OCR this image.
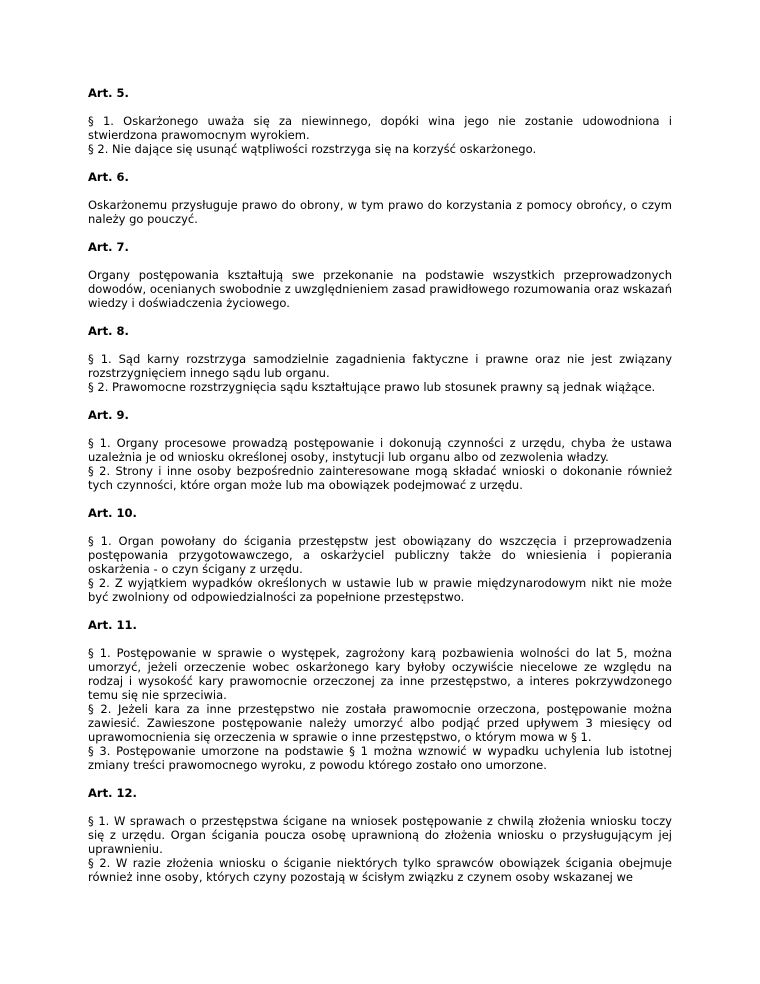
Art. 5.

§ 1. Oskarżonego uważa się za niewinnego, dopóki wina jego nie zostanie udowodniona i stwierdzona prawomocnym wyrokiem.

§ 2. Nie dające się usunąć wątpliwości rozstrzyga się na korzyść oskarżonego.

Art. 6.

Oskarżonemu przysługuje prawo do obrony, w tym prawo do korzystania z pomocy obrońcy, o czym należy go pouczyć.

Art. 7.

Organy postępowania kształtują swe przekonanie na podstawie wszystkich przeprowadzonych dowodów, ocenianych swobodnie z uwzględnieniem zasad prawidłowego rozumowania oraz wskazań wiedzy i doświadczenia życiowego.

Art. 8.

§ 1. Sąd karny rozstrzyga samodzielnie zagadnienia faktyczne i prawne oraz nie jest związany rozstrzygnięciem innego sądu lub organu.

§ 2. Prawomocne rozstrzygnięcia sądu kształtujące prawo lub stosunek prawny są jednak wiążące.

Art. 9.

§ 1. Organy procesowe prowadzą postępowanie i dokonują czynności z urzędu, chyba że ustawa uzależnia je od wniosku określonej osoby, instytucji lub organu albo od zezwolenia władzy.

§ 2. Strony i inne osoby bezpośrednio zainteresowane mogą składać wnioski o dokonanie również tych czynności, które organ może lub ma obowiązek podejmować z urzędu.

Art. 10.

§ 1. Organ powołany do ścigania przestępstw jest obowiązany do wszczęcia i przeprowadzenia postępowania przygotowawczego, a oskarżyciel publiczny także do wniesienia i popierania oskarżenia - o czyn ścigany z urzędu.

§ 2. Z wyjątkiem wypadków określonych w ustawie lub w prawie międzynarodowym nikt nie może być zwolniony od odpowiedzialności za popełnione przestępstwo.

Art. 11.

§ 1. Postępowanie w sprawie o występek, zagrożony karą pozbawienia wolności do lat 5, można umorzyć, jeżeli orzeczenie wobec oskarżonego kary byłoby oczywiście niecelowe ze względu na rodzaj i wysokość kary prawomocnie orzeczonej za inne przestępstwo, a interes pokrzywdzonego temu się nie sprzeciwia.

§ 2. Jeżeli kara za inne przestępstwo nie została prawomocnie orzeczona, postępowanie można zawiesić. Zawieszone postępowanie należy umorzyć albo podjąć przed upływem 3 miesięcy od uprawomocnienia się orzeczenia w sprawie o inne przestępstwo, o którym mowa w § 1.

§ 3. Postępowanie umorzone na podstawie § 1 można wznowić w wypadku uchylenia lub istotnej zmiany treści prawomocnego wyroku, z powodu którego zostało ono umorzone.

Art. 12.

§ 1. W sprawach o przestępstwa ścigane na wniosek postępowanie z chwilą złożenia wniosku toczy się z urzędu. Organ ścigania poucza osobę uprawnioną do złożenia wniosku o przysługującym jej uprawnieniu.

§ 2. W razie złożenia wniosku o ściganie niektórych tylko sprawców obowiązek ścigania obejmuje również inne osoby, których czyny pozostają w ścisłym związku z czynem osoby wskazanej we
